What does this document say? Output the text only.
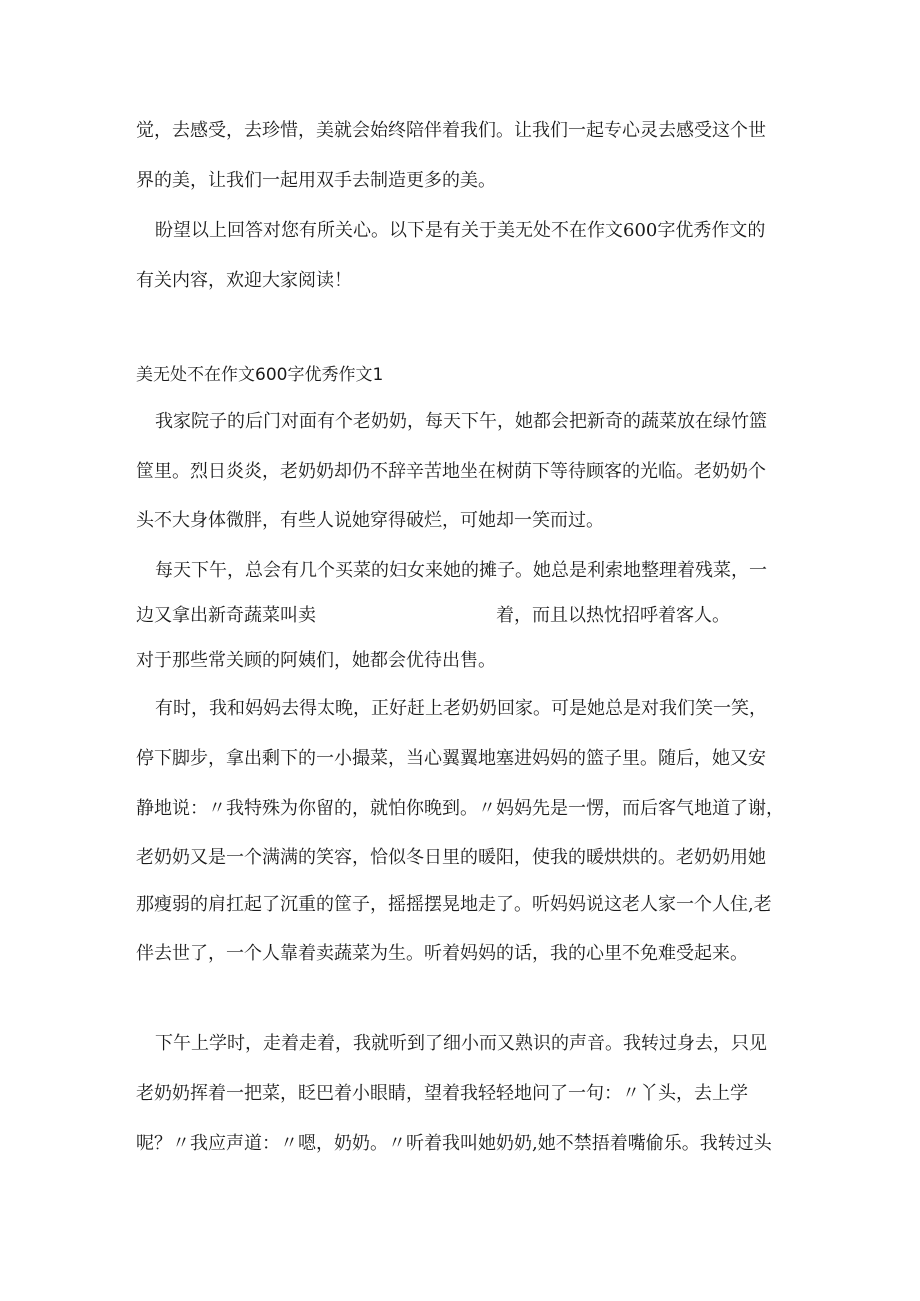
觉，去感受，去珍惜，美就会始终陪伴着我们。让我们一起专心灵去感受这个世
界的美，让我们一起用双手去制造更多的美。
盼望以上回答对您有所关心。以下是有关于美无处不在作文600字优秀作文的
有关内容，欢迎大家阅读！
美无处不在作文600字优秀作文1
我家院子的后门对面有个老奶奶，每天下午，她都会把新奇的蔬菜放在绿竹篮
筐里。烈日炎炎，老奶奶却仍不辞辛苦地坐在树荫下等待顾客的光临。老奶奶个
头不大身体微胖，有些人说她穿得破烂，可她却一笑而过。
每天下午，总会有几个买菜的妇女来她的摊子。她总是利索地整理着残菜，一
边又拿出新奇蔬菜叫卖	着，而且以热忱招呼着客人。
对于那些常关顾的阿姨们，她都会优待出售。
有时，我和妈妈去得太晚，正好赶上老奶奶回家。可是她总是对我们笑一笑，
停下脚步，拿出剩下的一小撮菜，当心翼翼地塞进妈妈的篮子里。随后，她又安
静地说：〃我特殊为你留的，就怕你晚到。〃妈妈先是一愣，而后客气地道了谢，
老奶奶又是一个满满的笑容，恰似冬日里的暖阳，使我的暖烘烘的。老奶奶用她
那瘦弱的肩扛起了沉重的筐子，摇摇摆晃地走了。听妈妈说这老人家一个人住,老
伴去世了，一个人靠着卖蔬菜为生。听着妈妈的话，我的心里不免难受起来。
下午上学时，走着走着，我就听到了细小而又熟识的声音。我转过身去，只见
老奶奶挥着一把菜，眨巴着小眼睛，望着我轻轻地问了一句：〃丫头，去上学
呢？〃我应声道：〃嗯，奶奶。〃听着我叫她奶奶,她不禁捂着嘴偷乐。我转过头
